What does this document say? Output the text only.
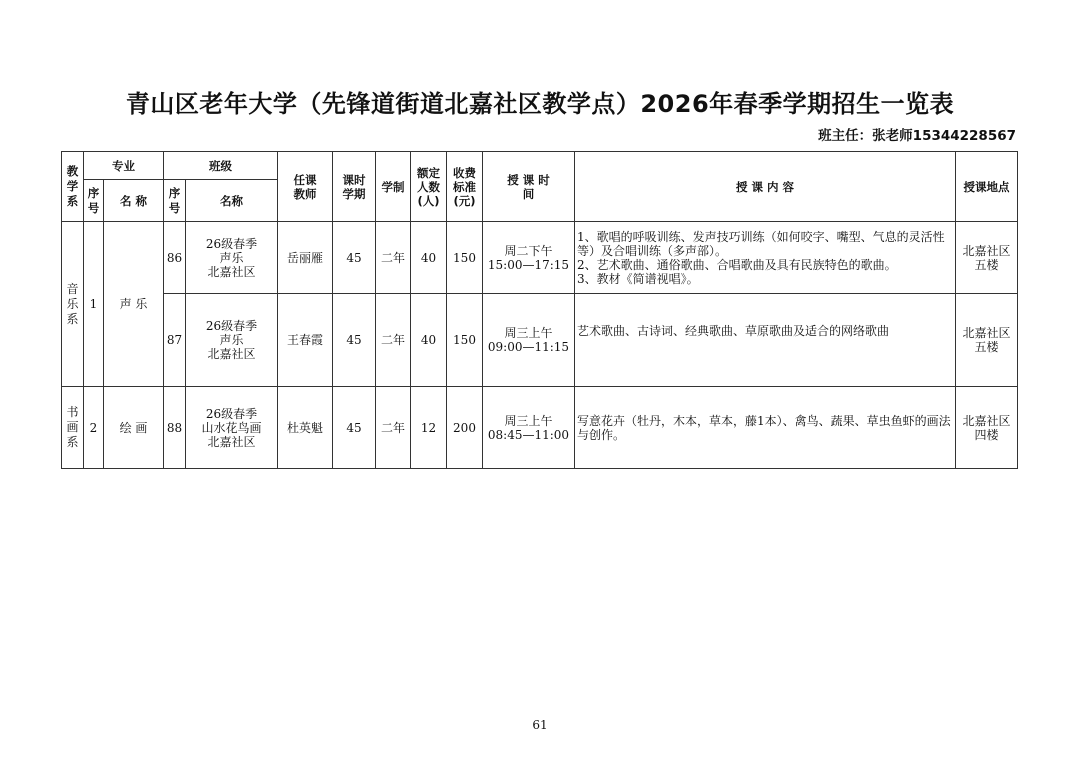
青山区老年大学（先锋道街道北嘉社区教学点）2026年春季学期招生一览表
班主任：张老师15344228567
教学系	专业		班级		任课教师	课时学期	学制	额定人数(人)	收费标准(元)	授 课 时 间	授 课 内 容	授课地点

	序号	名 称	序号	名称								

音乐系	1	声 乐	86	26级春季
声乐
北嘉社区	岳丽雁	45	二年	40	150	周二下午
15:00—17:15	1、歌唱的呼吸训练、发声技巧训练（如何咬字、嘴型、气息的灵活性等）及合唱训练（多声部）。
2、艺术歌曲、通俗歌曲、合唱歌曲及具有民族特色的歌曲。
3、教材《简谱视唱》。	北嘉社区
五楼

			87	26级春季
声乐
北嘉社区	王春霞	45	二年	40	150	周三上午
09:00—11:15	艺术歌曲、古诗词、经典歌曲、草原歌曲及适合的网络歌曲	北嘉社区
五楼

书画系	2	绘 画	88	26级春季
山水花鸟画
北嘉社区	杜英魁	45	二年	12	200	周三上午
08:45—11:00	写意花卉（牡丹，木本，草本，藤1本）、禽鸟、蔬果、草虫鱼虾的画法与创作。	北嘉社区
四楼
61
